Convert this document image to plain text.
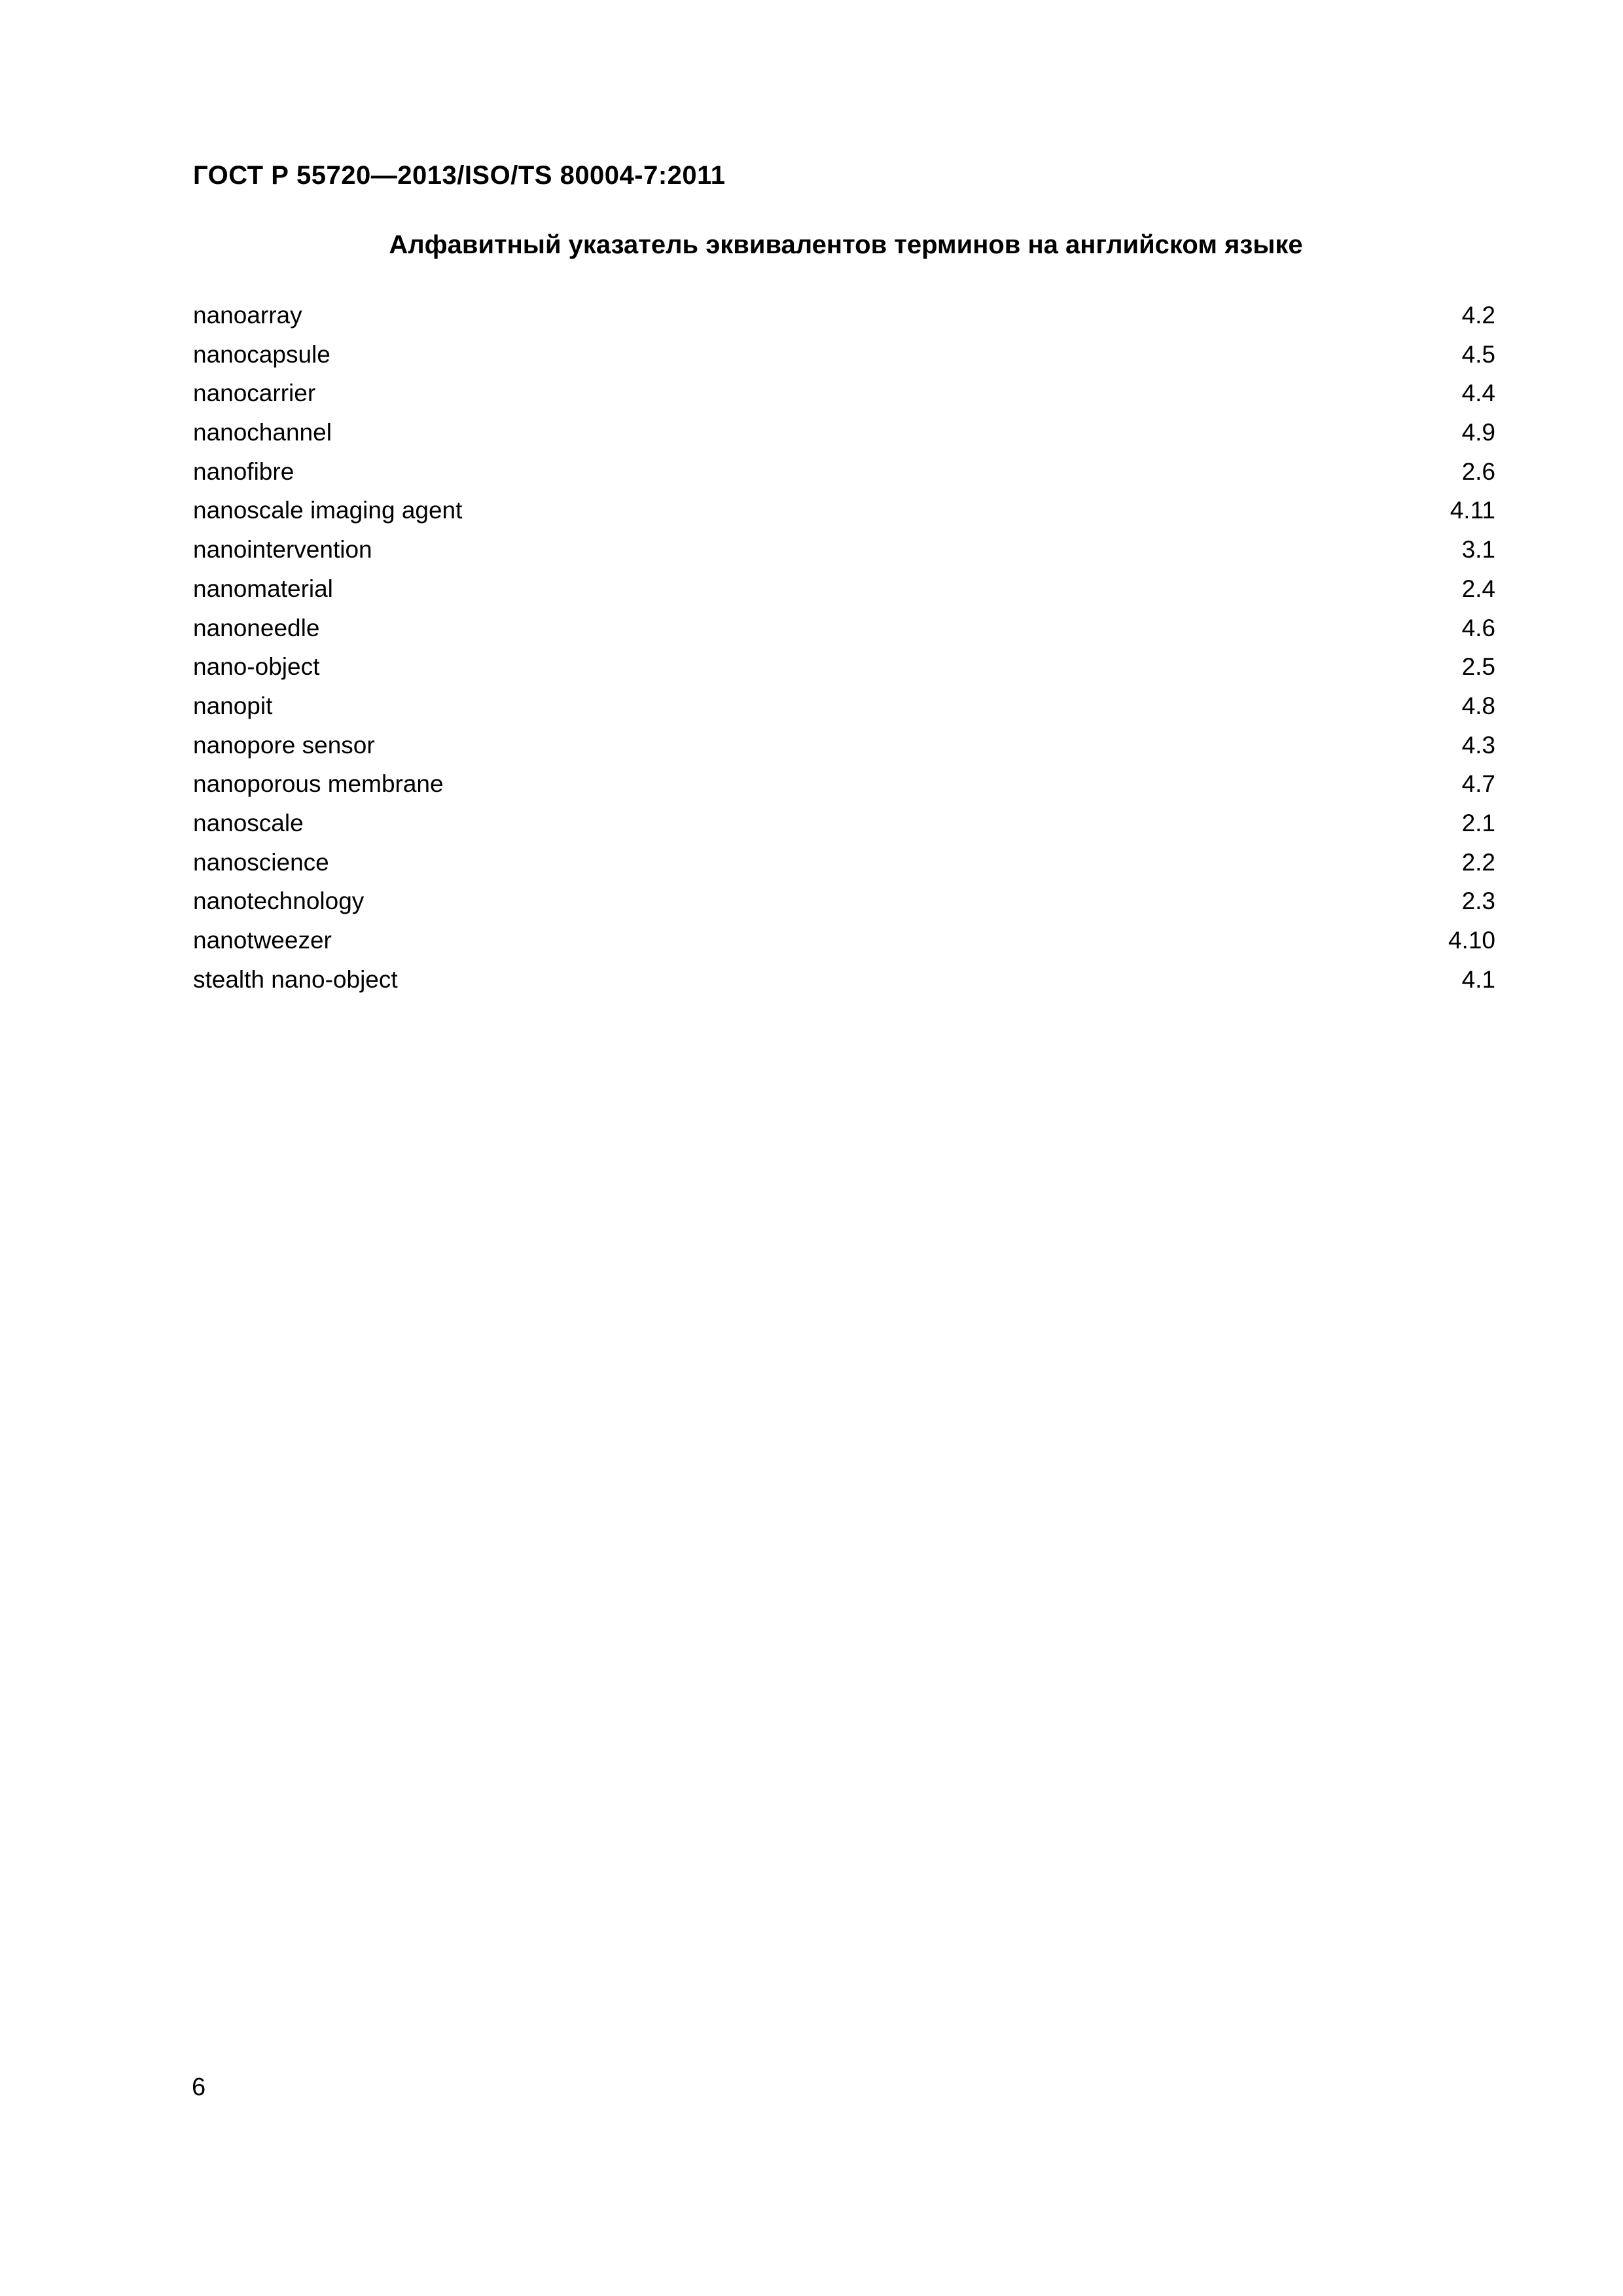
ГОСТ Р 55720—2013/ISO/TS 80004-7:2011
Алфавитный указатель эквивалентов терминов на английском языке
nanoarray	4.2
nanocapsule	4.5
nanocarrier	4.4
nanochannel	4.9
nanofibre	2.6
nanoscale imaging agent	4.11
nanointervention	3.1
nanomaterial	2.4
nanoneedle	4.6
nano-object	2.5
nanopit	4.8
nanopore sensor	4.3
nanoporous membrane	4.7
nanoscale	2.1
nanoscience	2.2
nanotechnology	2.3
nanotweezer	4.10
stealth nano-object	4.1
6
